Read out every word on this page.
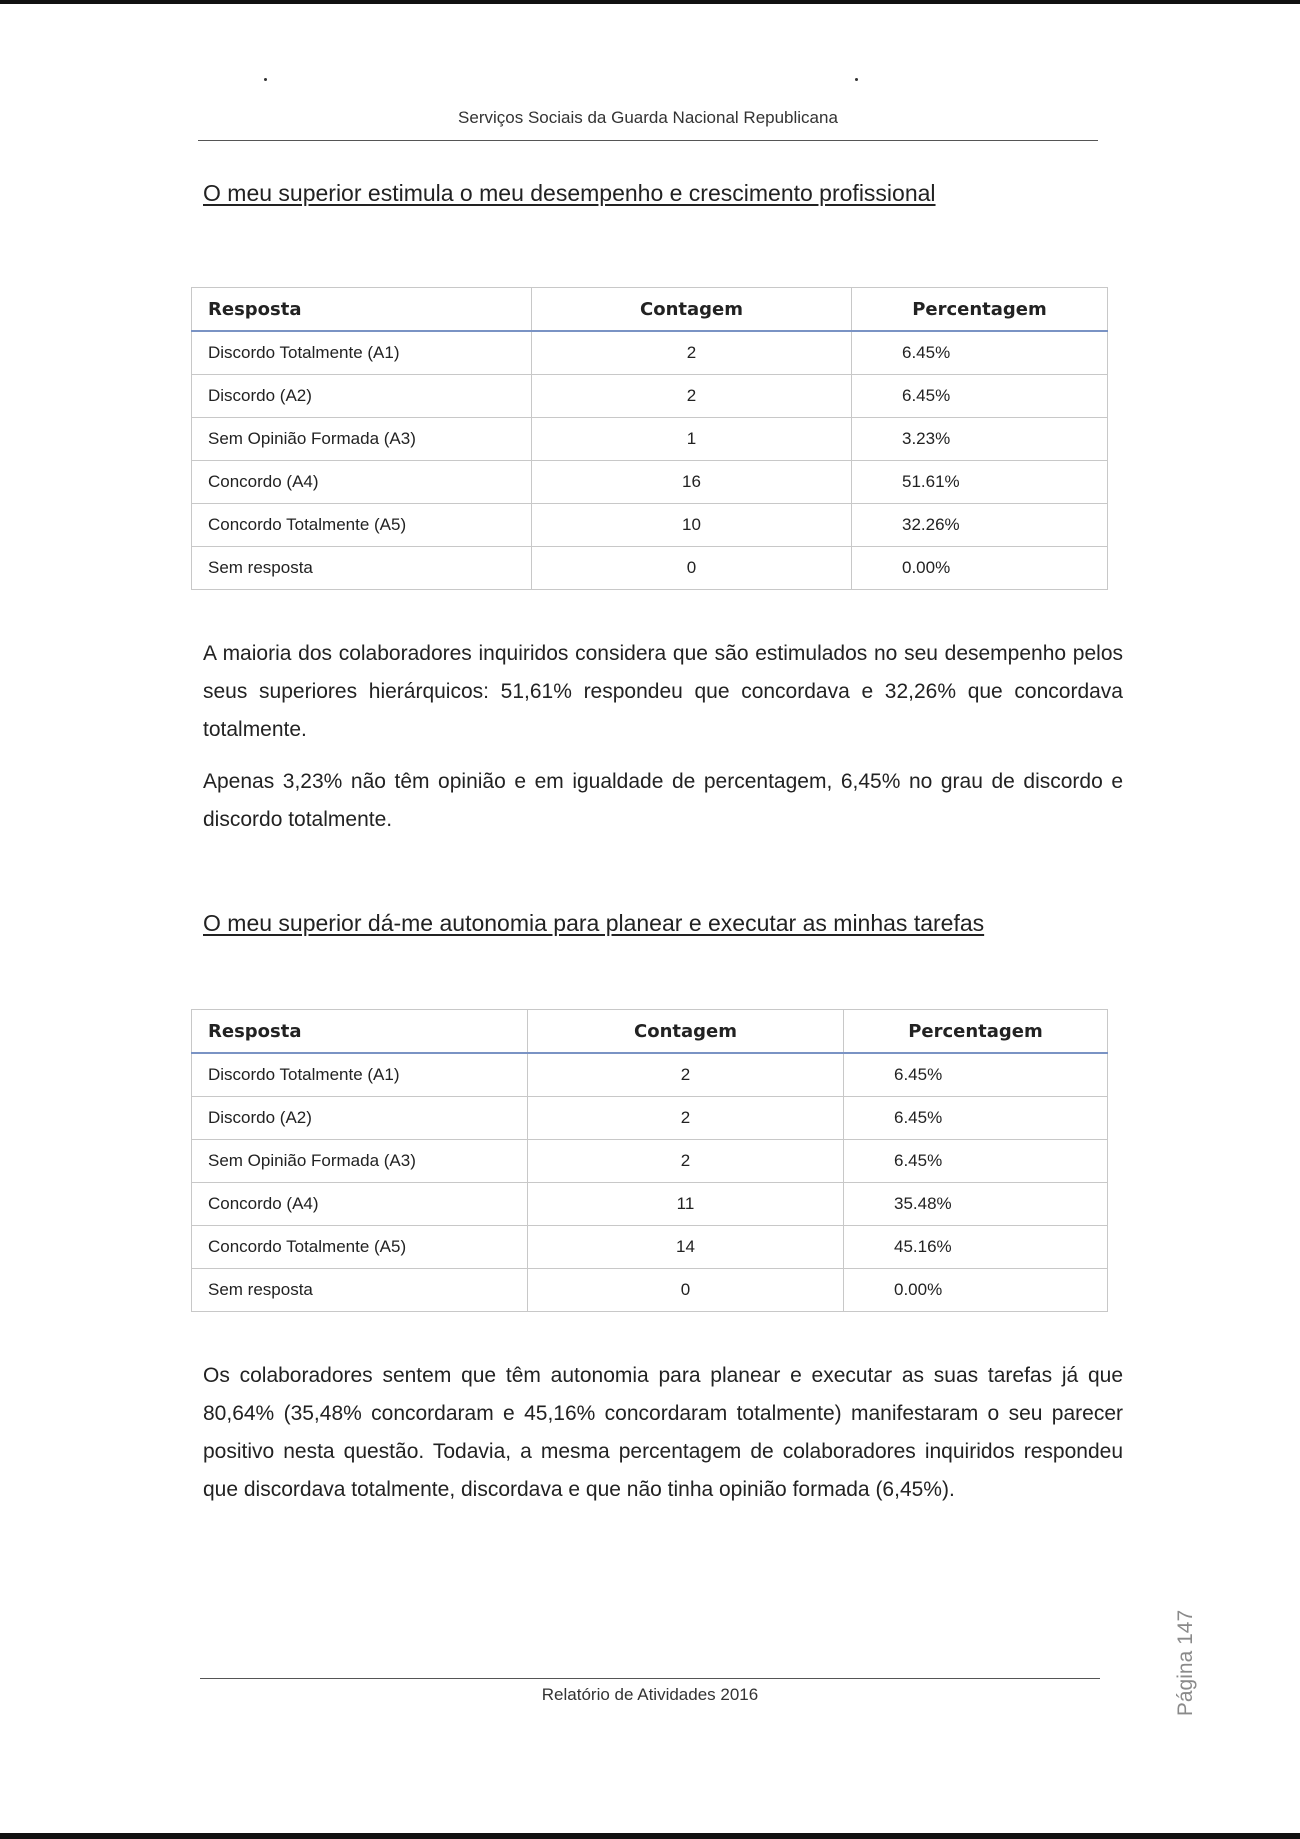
Serviços Sociais da Guarda Nacional Republicana
O meu superior estimula o meu desempenho e crescimento profissional
Resposta	Contagem	Percentagem
Discordo Totalmente (A1)	2	6.45%
Discordo (A2)	2	6.45%
Sem Opinião Formada (A3)	1	3.23%
Concordo (A4)	16	51.61%
Concordo Totalmente (A5)	10	32.26%
Sem resposta	0	0.00%

A maioria dos colaboradores inquiridos considera que são estimulados no seu desempenho pelos seus superiores hierárquicos: 51,61% respondeu que concordava e 32,26% que concordava totalmente.

Apenas 3,23% não têm opinião e em igualdade de percentagem, 6,45% no grau de discordo e discordo totalmente.

O meu superior dá-me autonomia para planear e executar as minhas tarefas
Resposta	Contagem	Percentagem
Discordo Totalmente (A1)	2	6.45%
Discordo (A2)	2	6.45%
Sem Opinião Formada (A3)	2	6.45%
Concordo (A4)	11	35.48%
Concordo Totalmente (A5)	14	45.16%
Sem resposta	0	0.00%

Os colaboradores sentem que têm autonomia para planear e executar as suas tarefas já que 80,64% (35,48% concordaram e 45,16% concordaram totalmente) manifestaram o seu parecer positivo nesta questão. Todavia, a mesma percentagem de colaboradores inquiridos respondeu que discordava totalmente, discordava e que não tinha opinião formada (6,45%).

Página 147
Relatório de Atividades 2016
